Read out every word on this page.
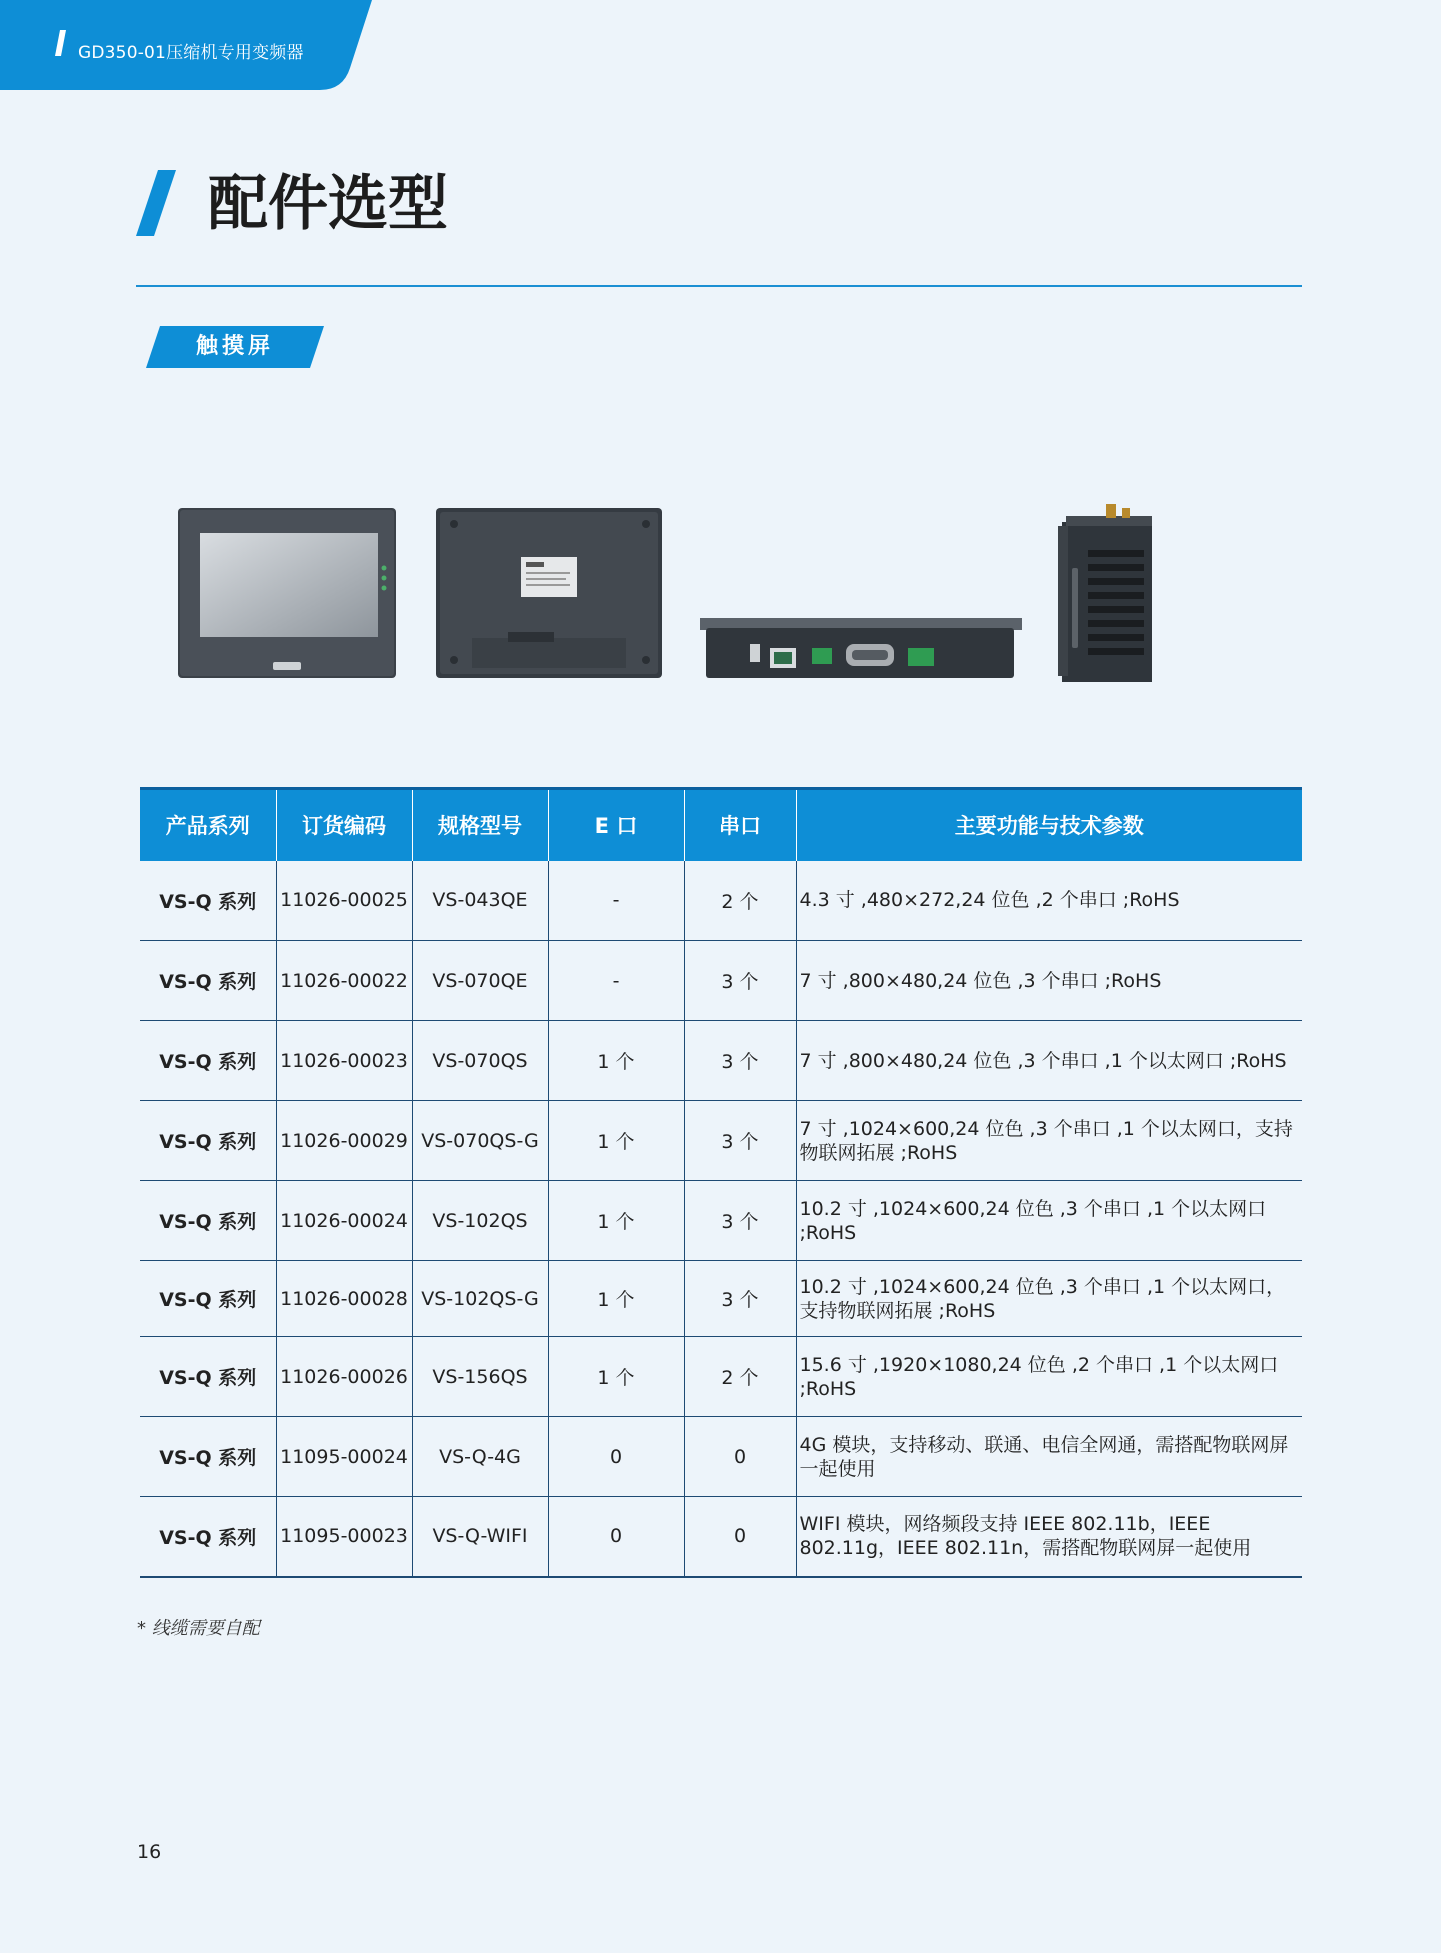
GD350-01压缩机专用变频器
配件选型
触摸屏
产品系列	订货编码	规格型号	E 口	串口	主要功能与技术参数
VS-Q 系列	11026-00025	VS-043QE	-	2 个	4.3 寸 ,480×272,24 位色 ,2 个串口 ;RoHS
VS-Q 系列	11026-00022	VS-070QE	-	3 个	7 寸 ,800×480,24 位色 ,3 个串口 ;RoHS
VS-Q 系列	11026-00023	VS-070QS	1 个	3 个	7 寸 ,800×480,24 位色 ,3 个串口 ,1 个以太网口 ;RoHS
VS-Q 系列	11026-00029	VS-070QS-G	1 个	3 个	7 寸 ,1024×600,24 位色 ,3 个串口 ,1 个以太网口，支持物联网拓展 ;RoHS
VS-Q 系列	11026-00024	VS-102QS	1 个	3 个	10.2 寸 ,1024×600,24 位色 ,3 个串口 ,1 个以太网口 ;RoHS
VS-Q 系列	11026-00028	VS-102QS-G	1 个	3 个	10.2 寸 ,1024×600,24 位色 ,3 个串口 ,1 个以太网口，支持物联网拓展 ;RoHS
VS-Q 系列	11026-00026	VS-156QS	1 个	2 个	15.6 寸 ,1920×1080,24 位色 ,2 个串口 ,1 个以太网口 ;RoHS
VS-Q 系列	11095-00024	VS-Q-4G	0	0	4G 模块，支持移动、联通、电信全网通，需搭配物联网屏一起使用
VS-Q 系列	11095-00023	VS-Q-WIFI	0	0	WIFI 模块，网络频段支持 IEEE 802.11b，IEEE 802.11g，IEEE 802.11n，需搭配物联网屏一起使用
* 线缆需要自配
16
